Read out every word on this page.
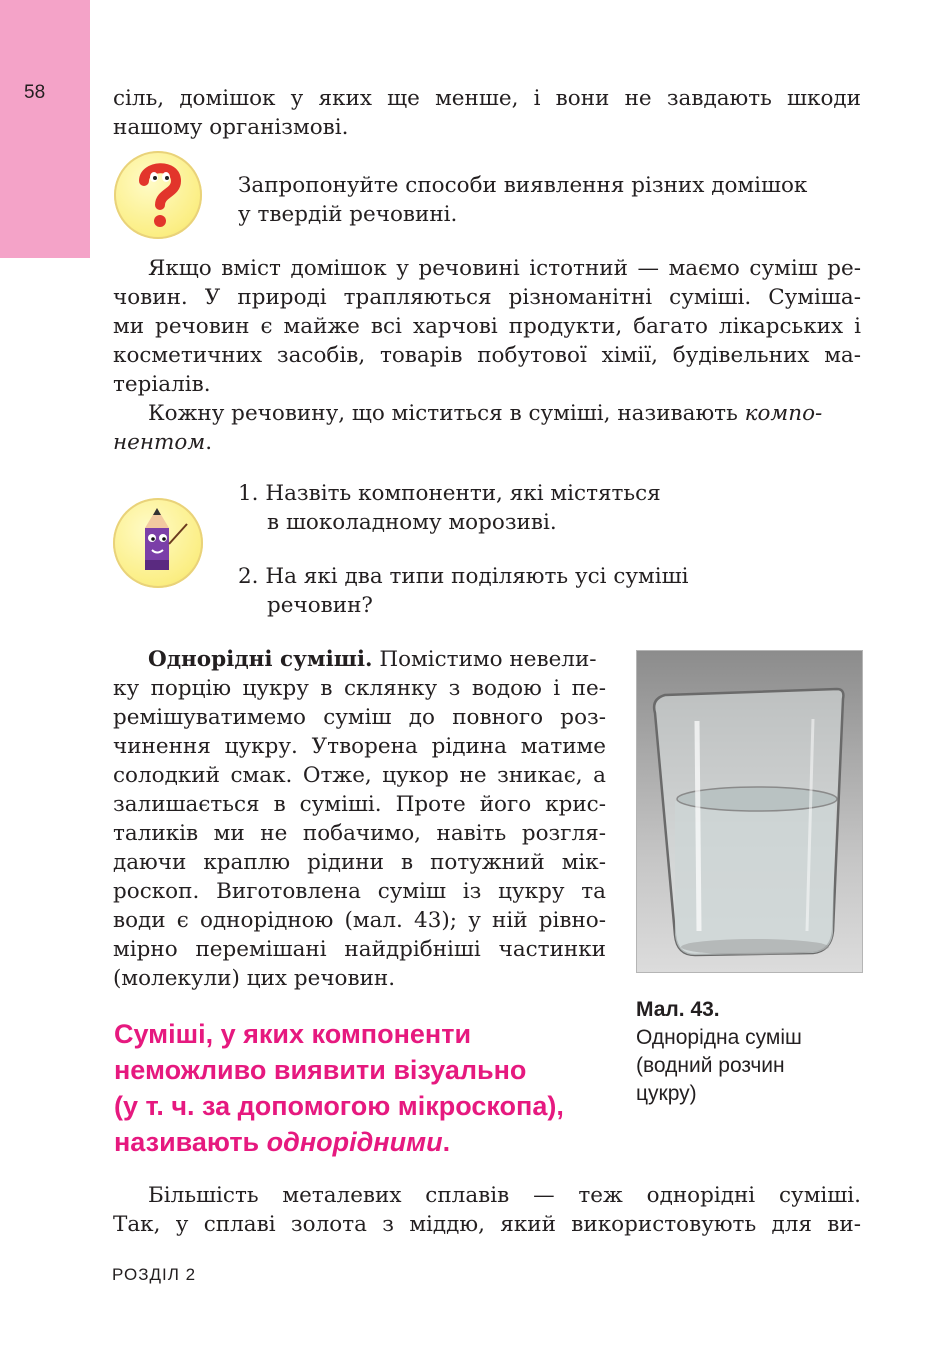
58	сіль, домішок у яких ще менше, і вони не завдають шкоди
нашому організмові.
Запропонуйте способи виявлення різних домішок
у твердій речовині.
Якщо вміст домішок у речовині істотний — маємо суміш ре-
човин. У природі трапляються різноманітні суміші. Суміша-
ми речовин є майже всі харчові продукти, багато лікарських і
косметичних засобів, товарів побутової хімії, будівельних ма-
теріалів.
Кожну речовину, що міститься в суміші, називають компо-
нентом.
1. Назвіть компоненти, які містяться
в шоколадному морозиві.
2. На які два типи поділяють усі суміші
речовин?
Однорідні суміші. Помістимо невели-
ку порцію цукру в склянку з водою і пе-
ремішуватимемо суміш до повного роз-
чинення цукру. Утворена рідина матиме
солодкий смак. Отже, цукор не зникає, а
залишається в суміші. Проте його крис-
таликів ми не побачимо, навіть розгля-
даючи краплю рідини в потужний мік-
роскоп. Виготовлена суміш із цукру та
води є однорідною (мал. 43); у ній рівно-
мірно перемішані найдрібніші частинки
(молекули) цих речовин.
Мал. 43.
Однорідна суміш
(водний розчин
цукру)
Суміші, у яких компоненти
неможливо виявити візуально
(у т. ч. за допомогою мікроскопа),
називають однорідними.
Більшість металевих сплавів — теж однорідні суміші.
Так, у сплаві золота з міддю, який використовують для ви-
РОЗДІЛ 2
